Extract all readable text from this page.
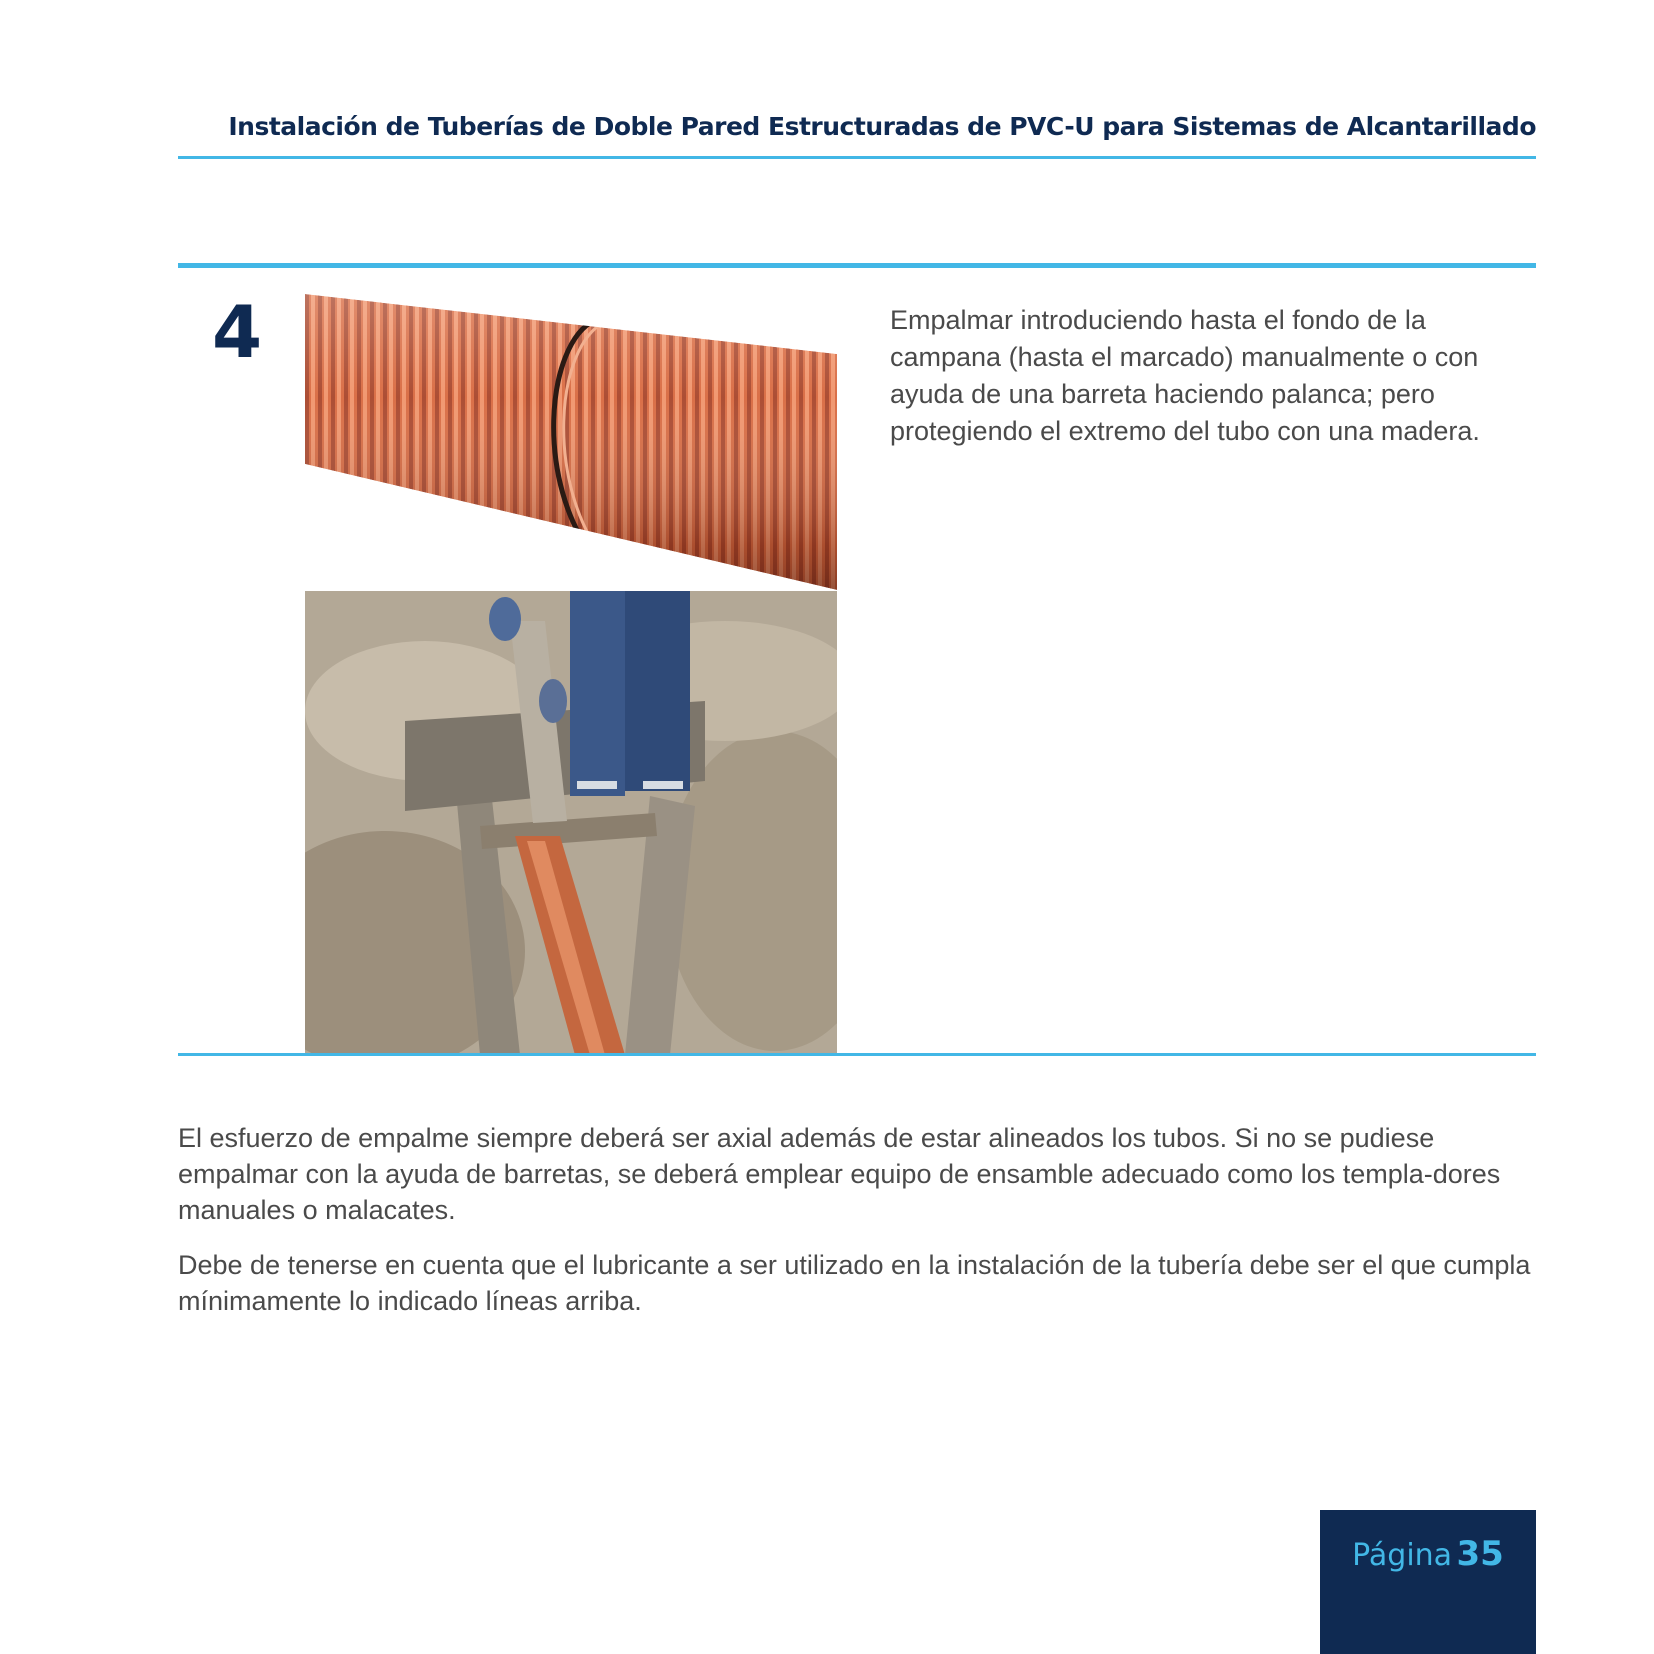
Instalación de Tuberías de Doble Pared Estructuradas de PVC-U para Sistemas de Alcantarillado
4	Empalmar introduciendo hasta el fondo de la campana (hasta el marcado) manualmente o con ayuda de una barreta haciendo palanca; pero protegiendo el extremo del tubo con una madera.
El esfuerzo de empalme siempre deberá ser axial además de estar alineados los tubos. Si no se pudiese empalmar con la ayuda de barretas, se deberá emplear equipo de ensamble adecuado como los templa-dores manuales o malacates.
Debe de tenerse en cuenta que el lubricante a ser utilizado en la instalación de la tubería debe ser el que cumpla mínimamente lo indicado líneas arriba.
Página 35
